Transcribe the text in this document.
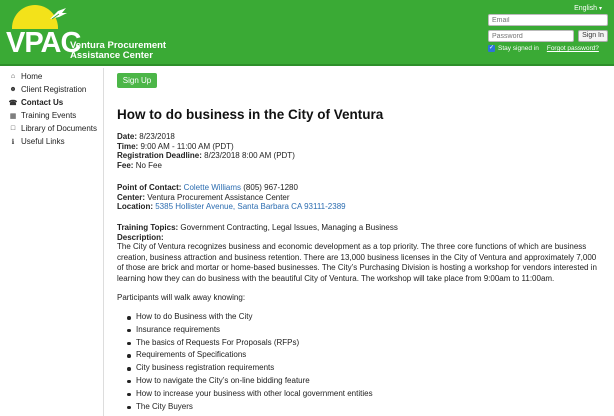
VPAC
Ventura Procurement
Assistance Center
English ▾
Email
Sign In
✓ Stay signed in Forgot password?
⌂ Home
☻ Client Registration
☎ Contact Us
▦ Training Events
□ Library of Documents
ℹ Useful Links
Sign Up
How to do business in the City of Ventura
Date: 8/23/2018
Time: 9:00 AM - 11:00 AM (PDT)
Registration Deadline: 8/23/2018 8:00 AM (PDT)
Fee: No Fee
Point of Contact: Colette Williams (805) 967-1280
Center: Ventura Procurement Assistance Center
Location: 5385 Hollister Avenue, Santa Barbara CA 93111-2389
Training Topics: Government Contracting, Legal Issues, Managing a Business
Description:
The City of Ventura recognizes business and economic development as a top priority. The three core functions of which are business creation, business attraction and business retention. There are 13,000 business licenses in the City of Ventura and approximately 7,000 of those are brick and mortar or home-based businesses. The City’s Purchasing Division is hosting a workshop for vendors interested in learning how they can do business with the beautiful City of Ventura. The workshop will take place from 9:00am to 11:00am.
Participants will walk away knowing:
How to do Business with the City
Insurance requirements
The basics of Requests For Proposals (RFPs)
Requirements of Specifications
City business registration requirements
How to navigate the City’s on-line bidding feature
How to increase your business with other local government entities
The City Buyers
